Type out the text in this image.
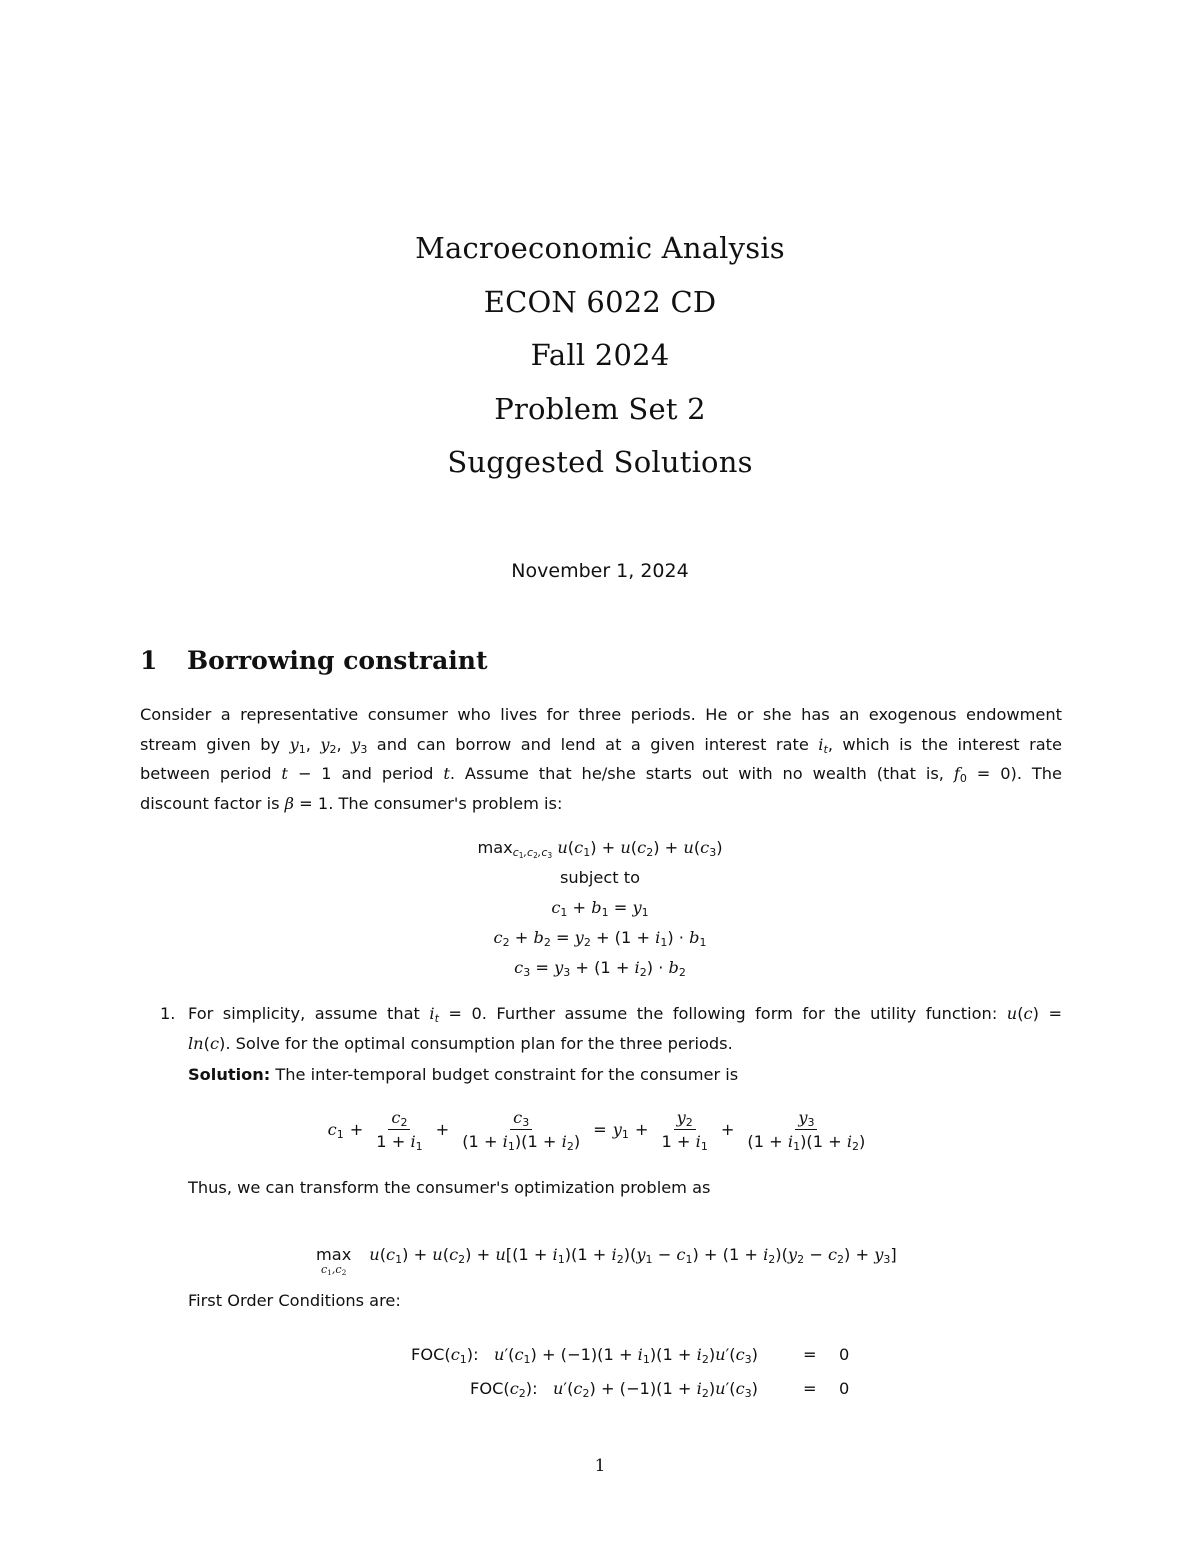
Macroeconomic Analysis
ECON 6022 CD
Fall 2024
Problem Set 2
Suggested Solutions
November 1, 2024
1 Borrowing constraint
Consider a representative consumer who lives for three periods. He or she has an exogenous endowment
stream given by $y_1$, $y_2$, $y_3$ and can borrow and lend at a given interest rate $i_t$, which is the interest rate
between period t − 1 and period t. Assume that he/she starts out with no wealth (that is, $f_0 = 0$). The
discount factor is β = 1. The consumer's problem is:
$\max_{c_1,c_2,c_3} u(c_1) + u(c_2) + u(c_3)$
subject to
$c_1 + b_1 = y_1$
$c_2 + b_2 = y_2 + (1 + i_1) \cdot b_1$
$c_3 = y_3 + (1 + i_2) \cdot b_2$
1. For simplicity, assume that $i_t = 0$. Further assume the following form for the utility function: u(c) =
ln(c). Solve for the optimal consumption plan for the three periods.
Solution: The inter-temporal budget constraint for the consumer is
$c_1 + \frac{c_2}{1 + i_1} + \frac{c_3}{(1 + i_1)(1 + i_2)} = y_1 + \frac{y_2}{1 + i_1} + \frac{y_3}{(1 + i_1)(1 + i_2)}$
Thus, we can transform the consumer's optimization problem as
max
$c_1,c_2$
$u(c_1) + u(c_2) + u[(1 + i_1)(1 + i_2)(y_1 - c_1) + (1 + i_2)(y_2 - c_2) + y_3]$
First Order Conditions are:
$FOC(c_1)$: $u'(c_1) + (-1)(1 + i_1)(1 + i_2)u'(c_3)$	= 0
$FOC(c_2)$: $u'(c_2) + (-1)(1 + i_2)u'(c_3)$	= 0
1
